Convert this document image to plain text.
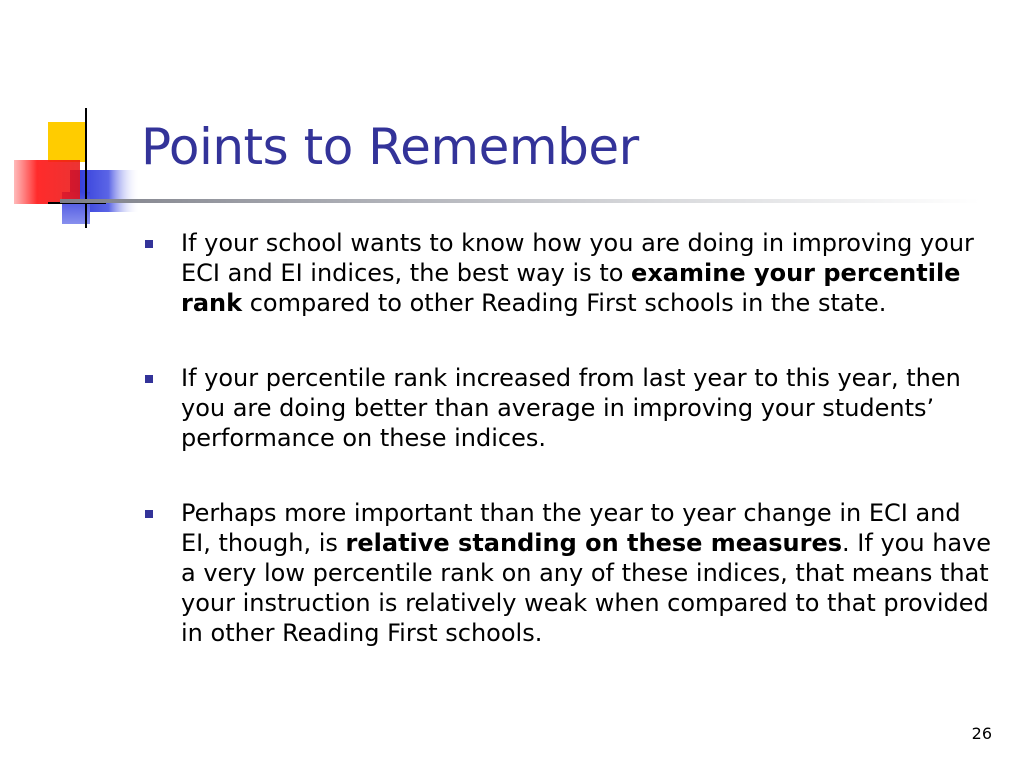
Points to Remember
If your school wants to know how you are doing in improving your ECI and EI indices, the best way is to examine your percentile rank compared to other Reading First schools in the state.
If your percentile rank increased from last year to this year, then you are doing better than average in improving your students’ performance on these indices.
Perhaps more important than the year to year change in ECI and EI, though, is relative standing on these measures. If you have a very low percentile rank on any of these indices, that means that your instruction is relatively weak when compared to that provided in other Reading First schools.
26
